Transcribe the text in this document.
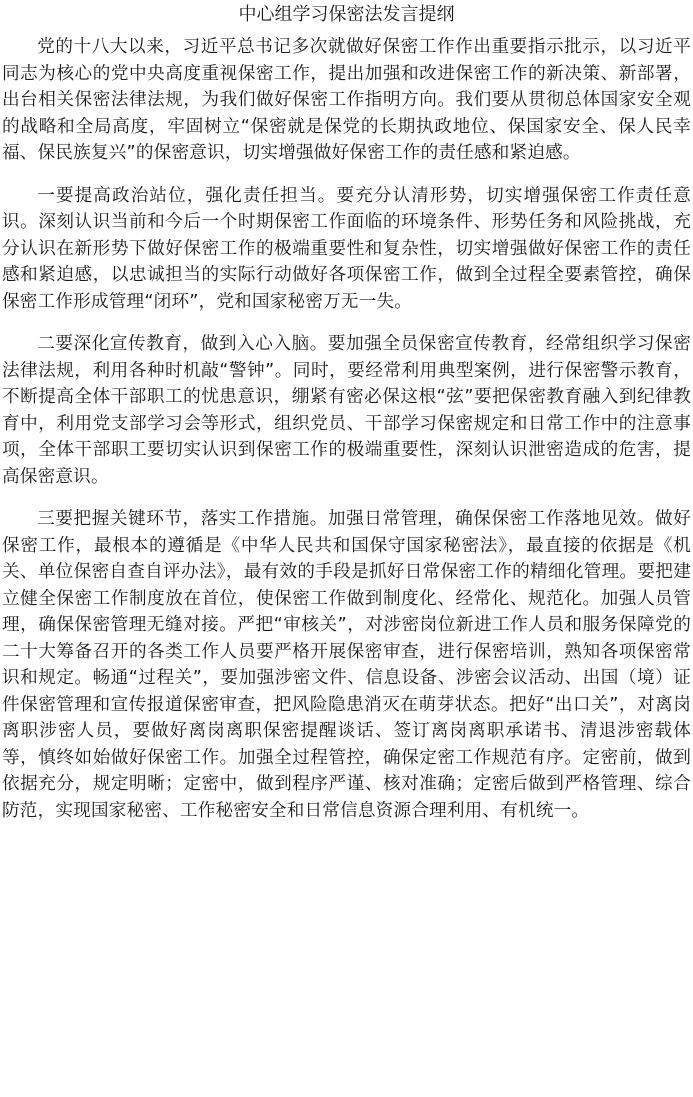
中心组学习保密法发言提纲

党的十八大以来，习近平总书记多次就做好保密工作作出重要指示批示，以习近平同志为核心的党中央高度重视保密工作，提出加强和改进保密工作的新决策、新部署，出台相关保密法律法规，为我们做好保密工作指明方向。我们要从贯彻总体国家安全观的战略和全局高度，牢固树立“保密就是保党的长期执政地位、保国家安全、保人民幸福、保民族复兴”的保密意识，切实增强做好保密工作的责任感和紧迫感。

一要提高政治站位，强化责任担当。要充分认清形势，切实增强保密工作责任意识。深刻认识当前和今后一个时期保密工作面临的环境条件、形势任务和风险挑战，充分认识在新形势下做好保密工作的极端重要性和复杂性，切实增强做好保密工作的责任感和紧迫感，以忠诚担当的实际行动做好各项保密工作，做到全过程全要素管控，确保保密工作形成管理“闭环”，党和国家秘密万无一失。

二要深化宣传教育，做到入心入脑。要加强全员保密宣传教育，经常组织学习保密法律法规，利用各种时机敲“警钟”。同时，要经常利用典型案例，进行保密警示教育，不断提高全体干部职工的忧患意识，绷紧有密必保这根“弦”要把保密教育融入到纪律教育中，利用党支部学习会等形式，组织党员、干部学习保密规定和日常工作中的注意事项，全体干部职工要切实认识到保密工作的极端重要性，深刻认识泄密造成的危害，提高保密意识。

三要把握关键环节，落实工作措施。加强日常管理，确保保密工作落地见效。做好保密工作，最根本的遵循是《中华人民共和国保守国家秘密法》，最直接的依据是《机关、单位保密自查自评办法》，最有效的手段是抓好日常保密工作的精细化管理。要把建立健全保密工作制度放在首位，使保密工作做到制度化、经常化、规范化。加强人员管理，确保保密管理无缝对接。严把“审核关”，对涉密岗位新进工作人员和服务保障党的二十大筹备召开的各类工作人员要严格开展保密审查，进行保密培训，熟知各项保密常识和规定。畅通“过程关”，要加强涉密文件、信息设备、涉密会议活动、出国（境）证件保密管理和宣传报道保密审查，把风险隐患消灭在萌芽状态。把好“出口关”，对离岗离职涉密人员，要做好离岗离职保密提醒谈话、签订离岗离职承诺书、清退涉密载体等，慎终如始做好保密工作。加强全过程管控，确保定密工作规范有序。定密前，做到依据充分，规定明晰；定密中，做到程序严谨、核对准确；定密后做到严格管理、综合防范，实现国家秘密、工作秘密安全和日常信息资源合理利用、有机统一。
